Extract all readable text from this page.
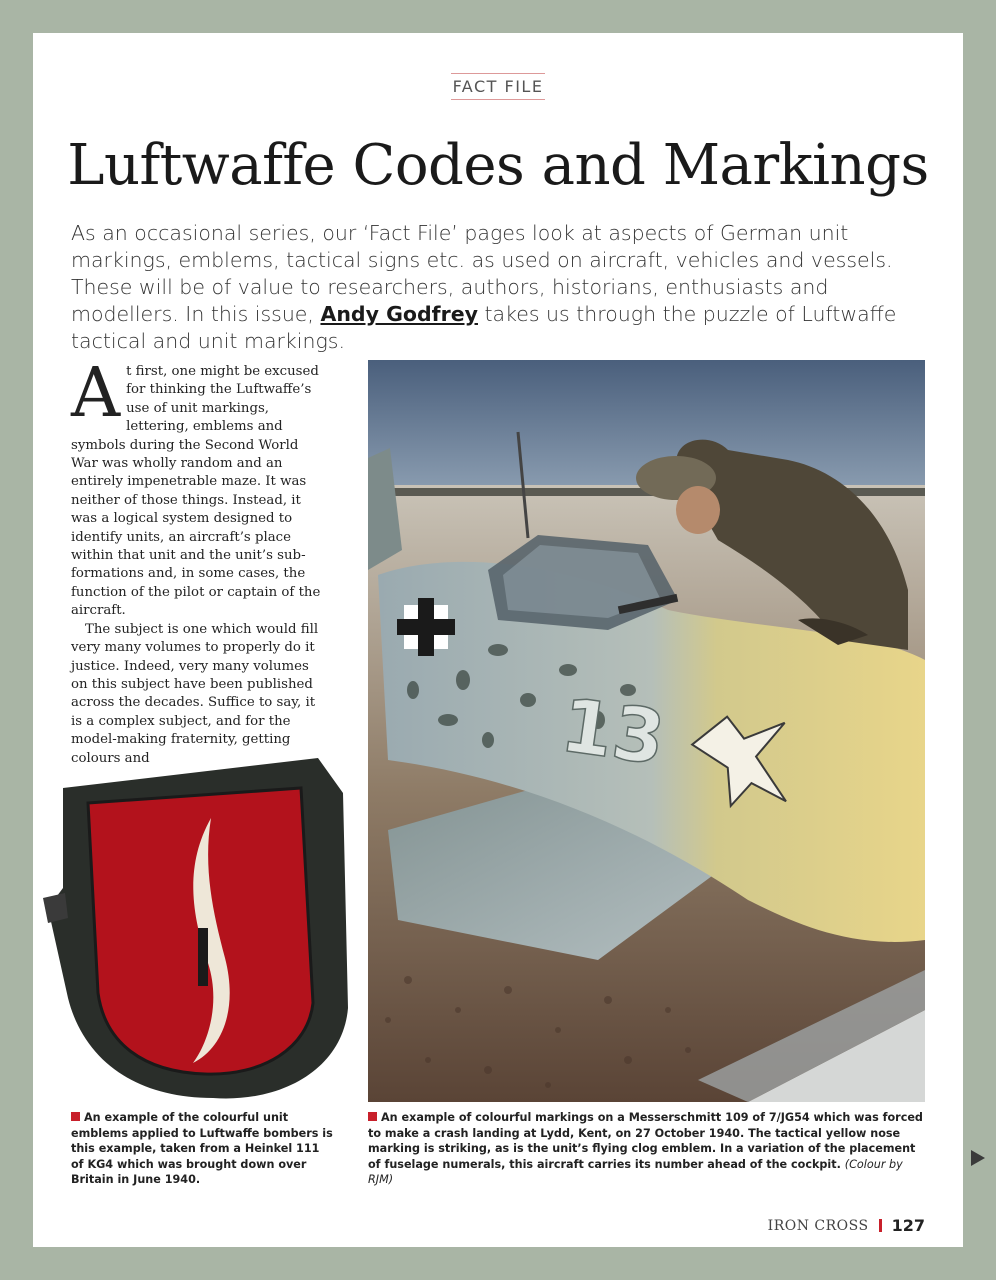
FACT FILE
Luftwaffe Codes and Markings

As an occasional series, our ‘Fact File’ pages look at aspects of German unit markings, emblems, tactical signs etc. as used on aircraft, vehicles and vessels. These will be of value to researchers, authors, historians, enthusiasts and modellers. In this issue, Andy Godfrey takes us through the puzzle of Luftwaffe tactical and unit markings.

At first, one might be excused for thinking the Luftwaffe’s use of unit markings, lettering, emblems and symbols during the Second World War was wholly random and an entirely impenetrable maze. It was neither of those things. Instead, it was a logical system designed to identify units, an aircraft’s place within that unit and the unit’s sub-formations and, in some cases, the function of the pilot or captain of the aircraft.

The subject is one which would fill very many volumes to properly do it justice. Indeed, very many volumes on this subject have been published across the decades. Suffice to say, it is a complex subject, and for the model-making fraternity, getting colours and	13

An example of the colourful unit emblems applied to Luftwaffe bombers is this example, taken from a Heinkel 111 of KG4 which was brought down over Britain in June 1940.

An example of colourful markings on a Messerschmitt 109 of 7/JG54 which was forced to make a crash landing at Lydd, Kent, on 27 October 1940. The tactical yellow nose marking is striking, as is the unit’s flying clog emblem. In a variation of the placement of fuselage numerals, this aircraft carries its number ahead of the cockpit. (Colour by RJM)

IRON CROSS 127
